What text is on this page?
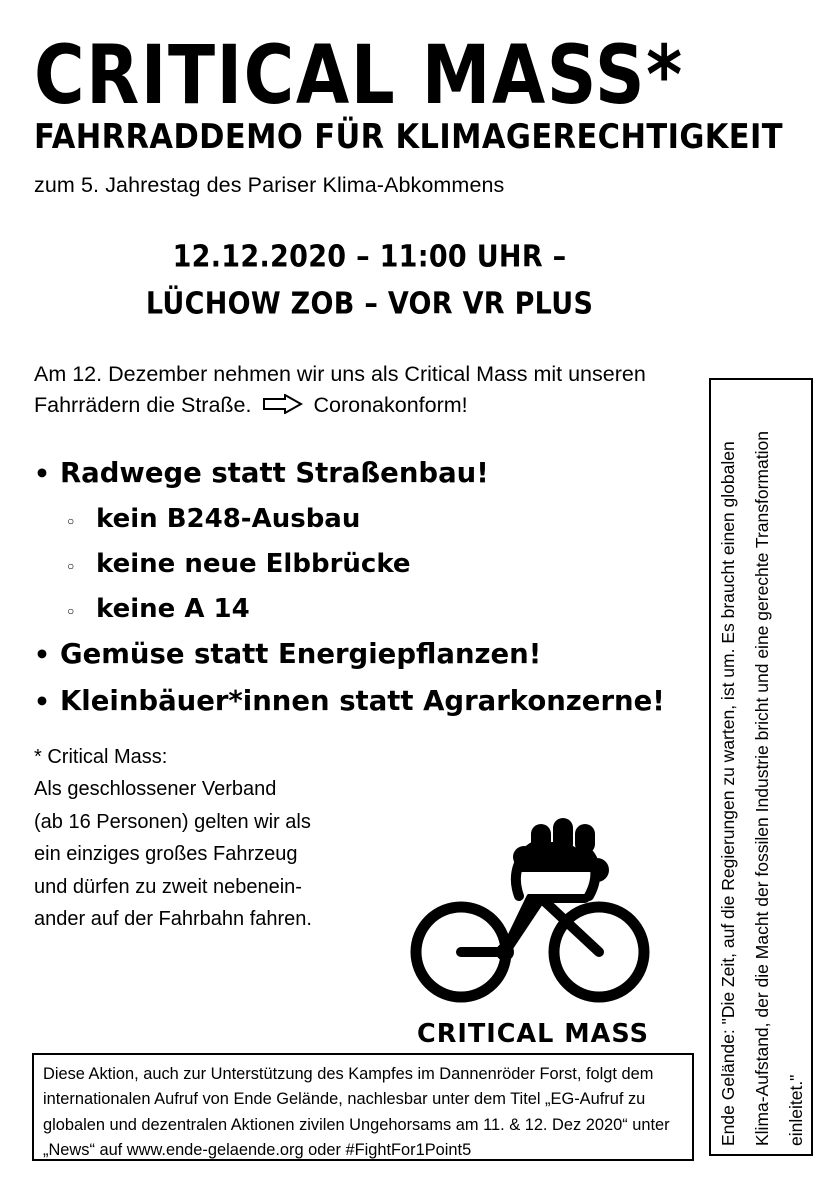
CRITICAL MASS*
FAHRRADDEMO FÜR KLIMAGERECHTIGKEIT
zum 5. Jahrestag des Pariser Klima-Abkommens
12.12.2020 – 11:00 UHR –
LÜCHOW ZOB – VOR VR PLUS
Am 12. Dezember nehmen wir uns als Critical Mass mit unseren Fahrrädern die Straße.	Coronakonform!
• Radwege statt Straßenbau!
◦ kein B248-Ausbau
◦ keine neue Elbbrücke
◦ keine A 14
• Gemüse statt Energiepflanzen!
• Kleinbäuer*innen statt Agrarkonzerne!
* Critical Mass:
Als geschlossener Verband
(ab 16 Personen) gelten wir als
ein einziges großes Fahrzeug
und dürfen zu zweit nebenein-
ander auf der Fahrbahn fahren.
CRITICAL MASS	Ende Gelände: "Die Zeit, auf die Regierungen zu warten, ist um. Es braucht einen globalen Klima-Aufstand, der die Macht der fossilen Industrie bricht und eine gerechte Transformation einleitet."
Diese Aktion, auch zur Unterstützung des Kampfes im Dannenröder Forst, folgt dem internationalen Aufruf von Ende Gelände, nachlesbar unter dem Titel „EG-Aufruf zu globalen und dezentralen Aktionen zivilen Ungehorsams am 11. & 12. Dez 2020“ unter „News“ auf www.ende-gelaende.org oder #FightFor1Point5
